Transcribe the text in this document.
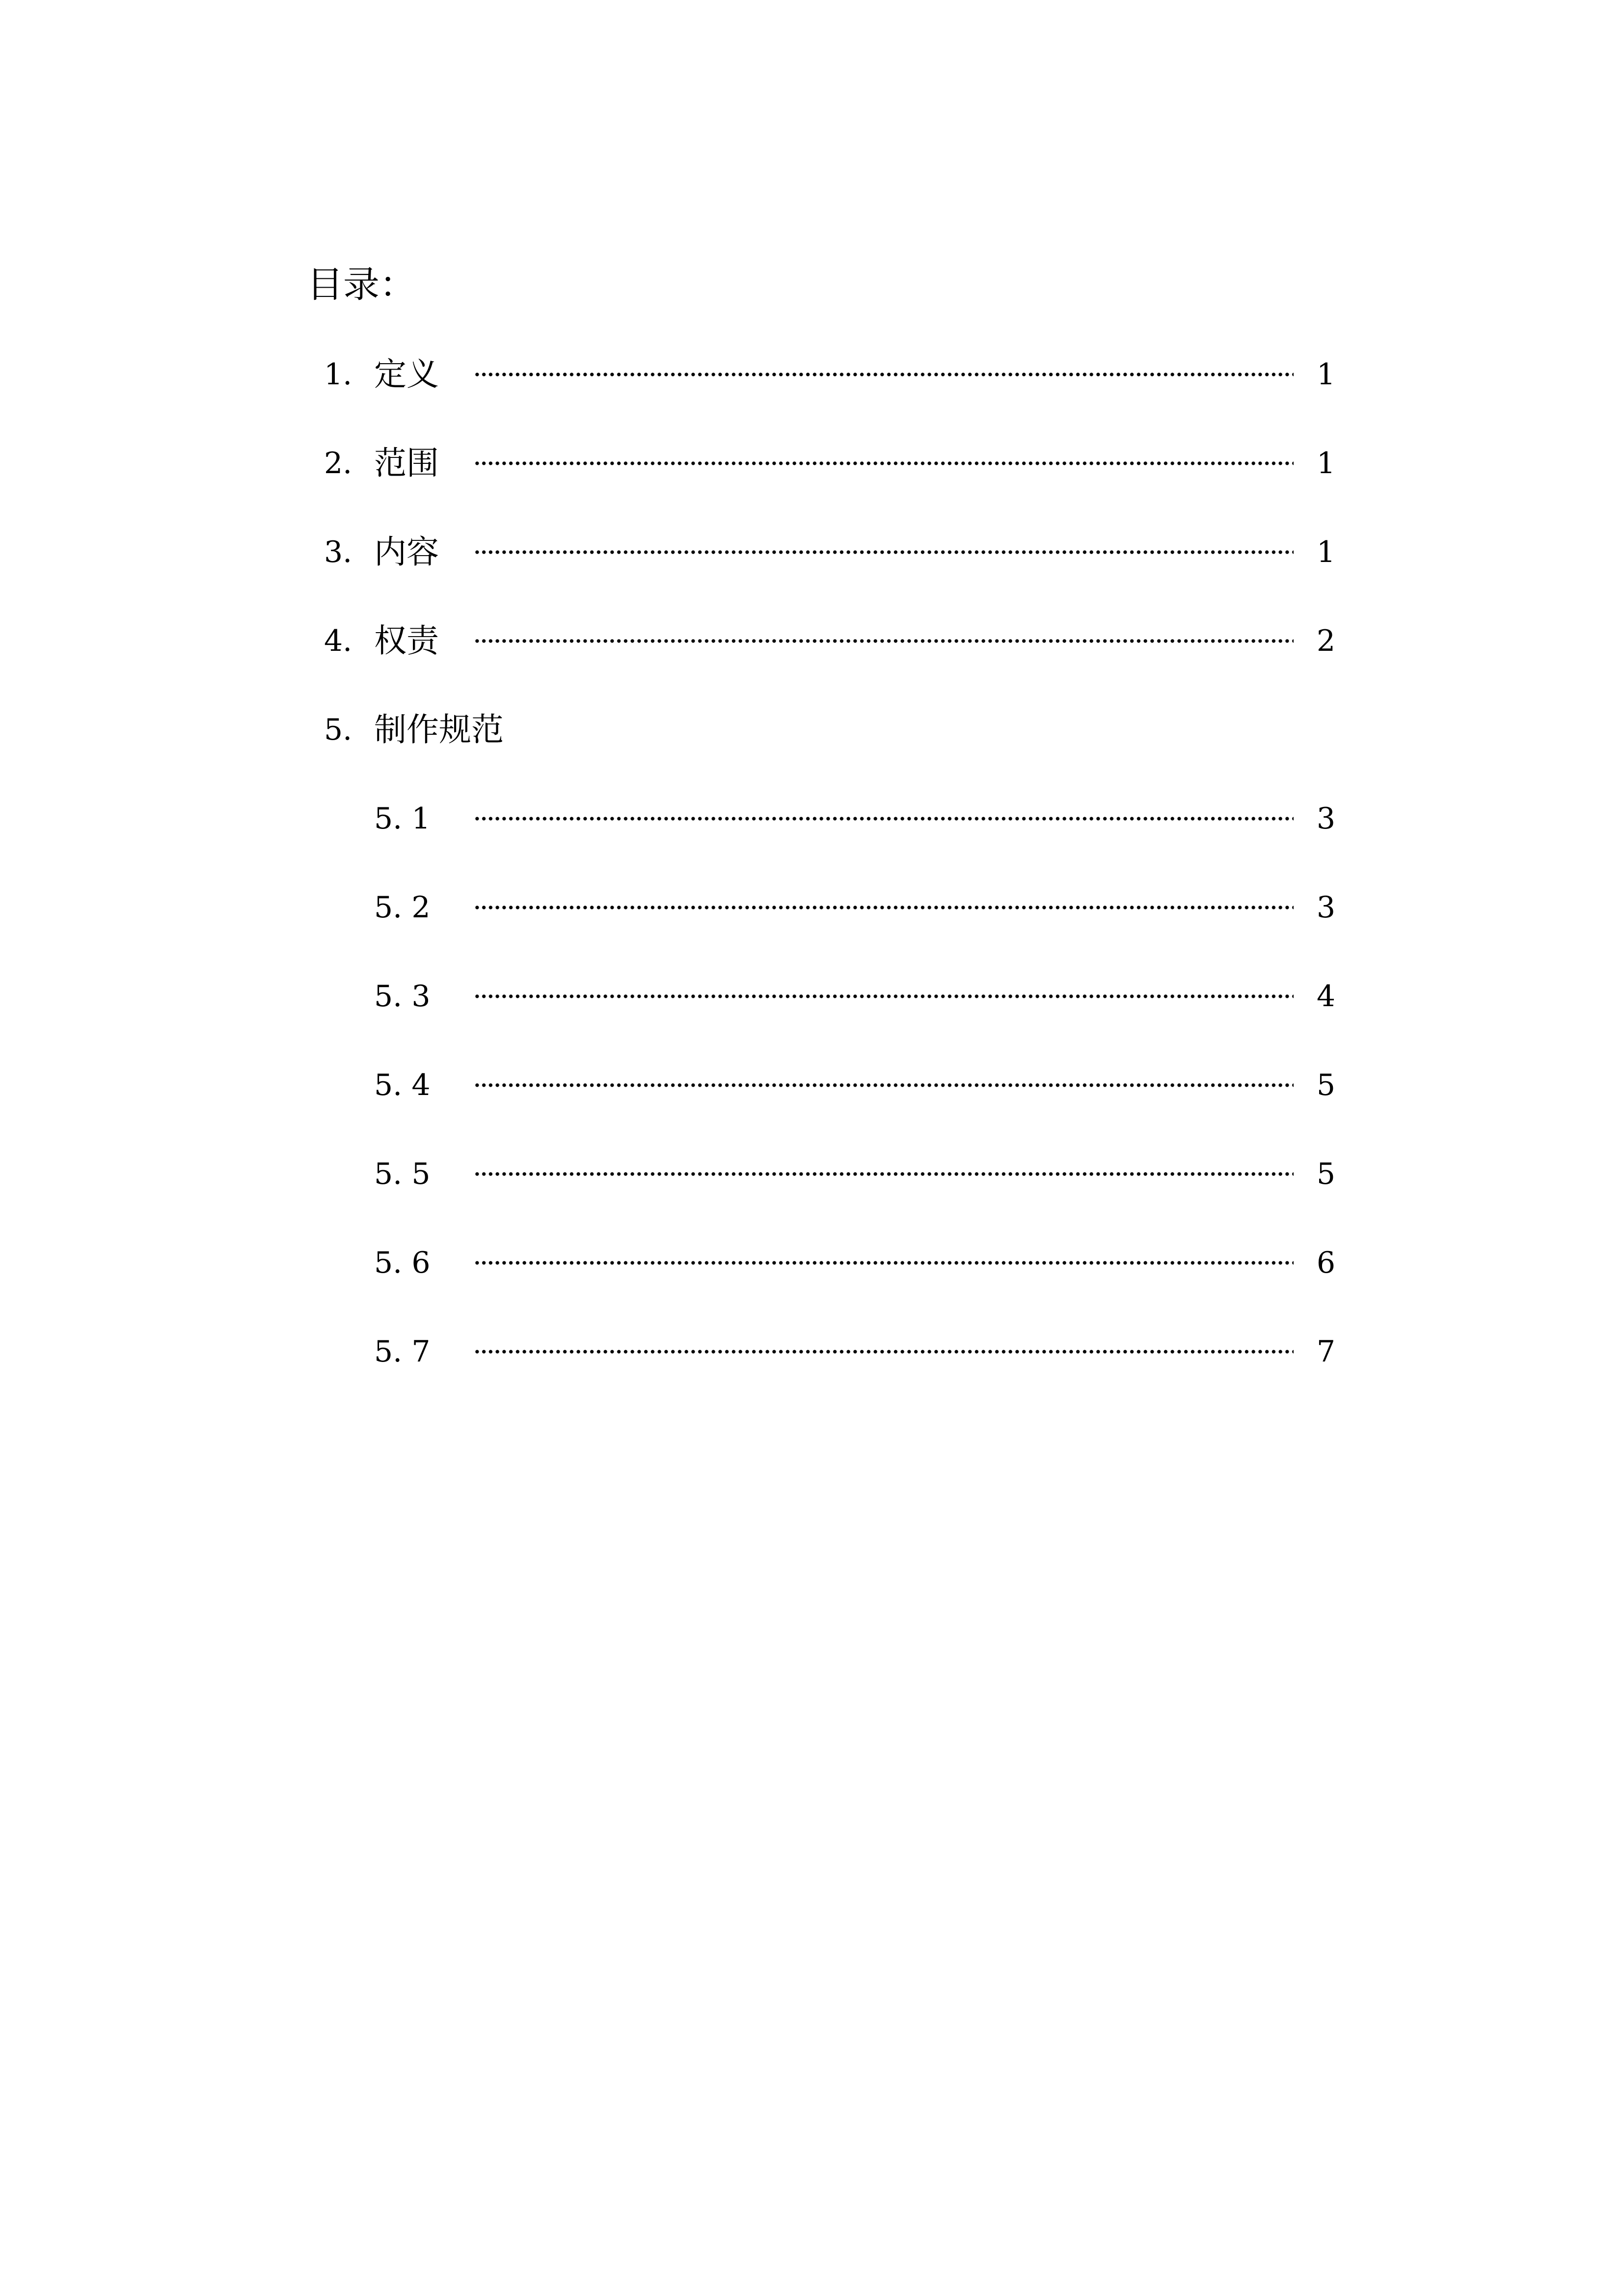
目录：
1. 定义	1
2. 范围	1
3. 内容	1
4. 权责	2
5. 制作规范
5. 1	3
5. 2	3
5. 3	4
5. 4	5
5. 5	5
5. 6	6
5. 7	7
